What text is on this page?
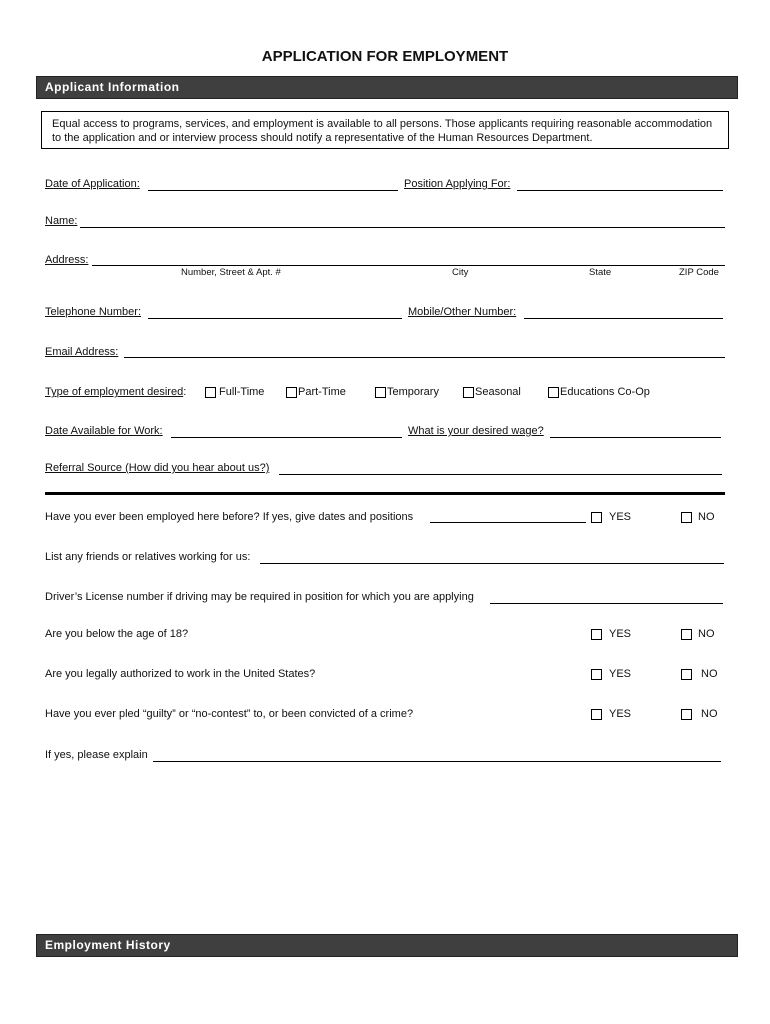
APPLICATION FOR EMPLOYMENT
Applicant Information
Equal access to programs, services, and employment is available to all persons. Those applicants requiring reasonable accommodation to the application and or interview process should notify a representative of the Human Resources Department.
Date of Application:	Position Applying For:
Name:
Address:
Number, Street & Apt. #	City	State	ZIP Code
Telephone Number:	Mobile/Other Number:
Email Address:
Type of employment desired:	Full-Time	Part-Time	Temporary	Seasonal	Educations Co-Op
Date Available for Work:	What is your desired wage?
Referral Source (How did you hear about us?)
Have you ever been employed here before? If yes, give dates and positions	YES	NO
List any friends or relatives working for us:
Driver’s License number if driving may be required in position for which you are applying
Are you below the age of 18?	YES	NO
Are you legally authorized to work in the United States?	YES	NO
Have you ever pled “guilty” or “no-contest” to, or been convicted of a crime?	YES	NO
If yes, please explain
Employment History
